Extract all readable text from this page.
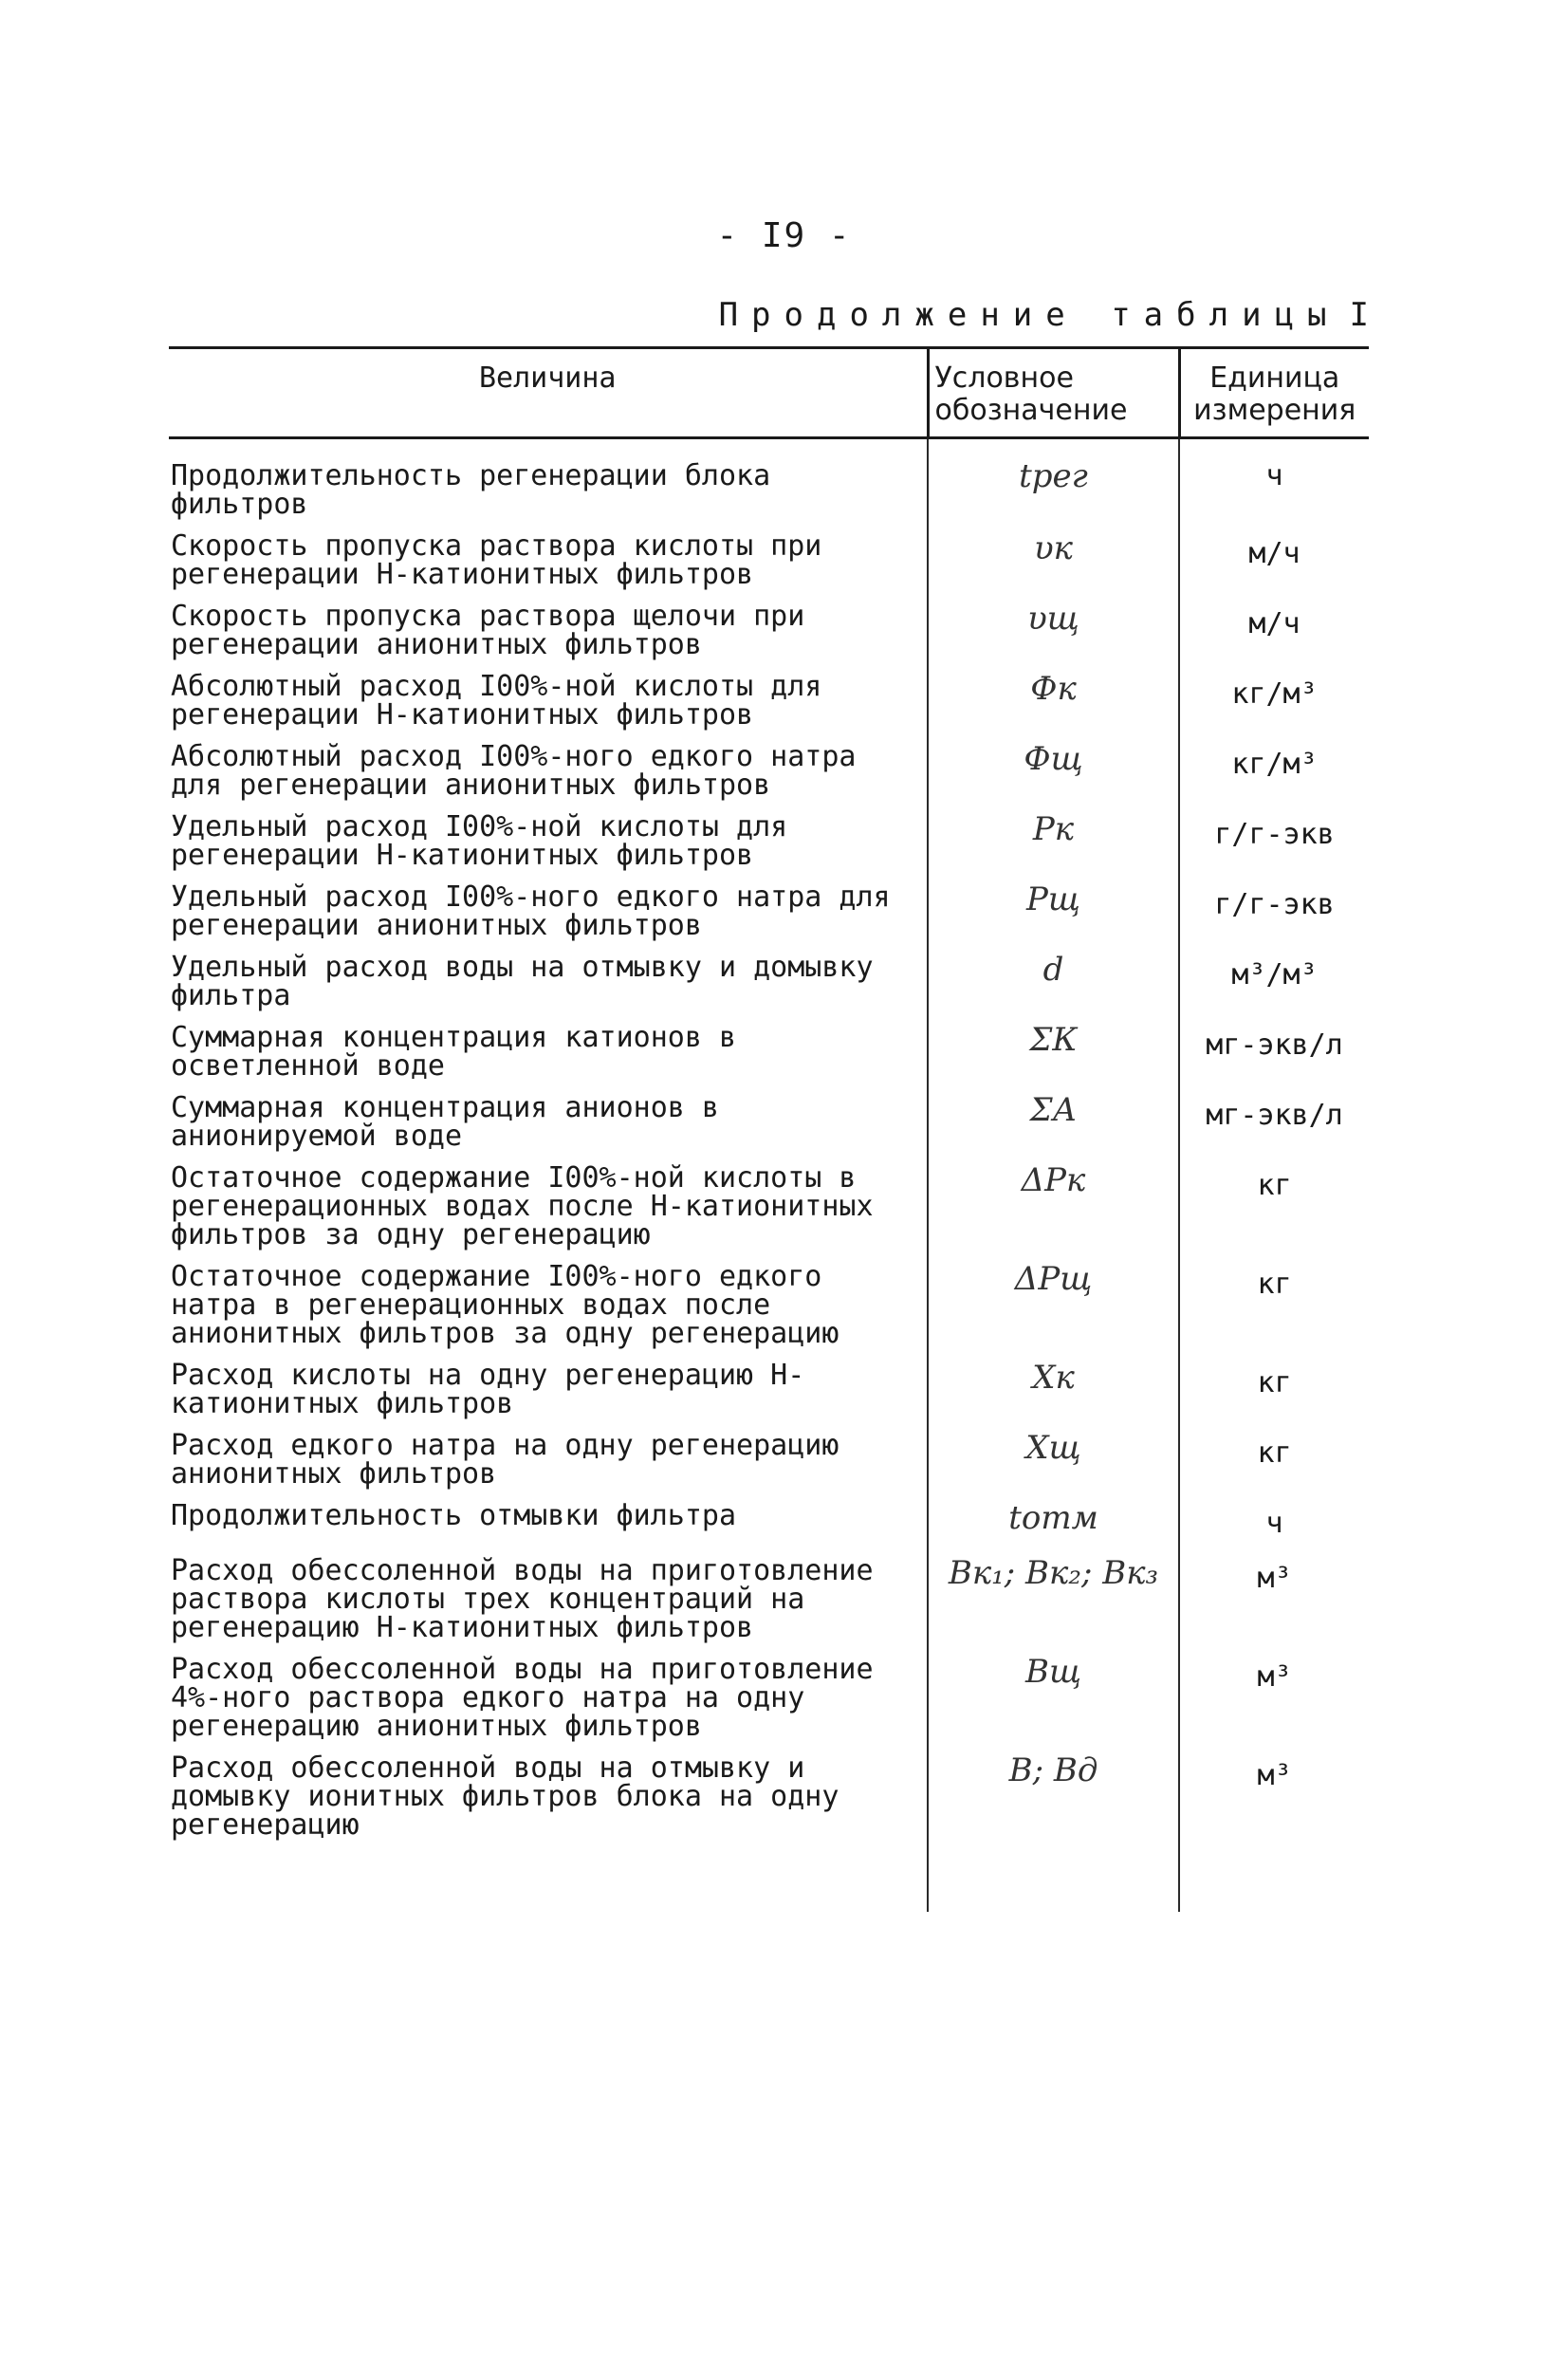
- I9 -
Продолжение таблицы I
Величина	Условное обозначение	Единица измерения
Продолжительность регенерации блока фильтров	tрег	ч
Скорость пропуска раствора кислоты при регенерации Н-катионитных фильтров	υк	м/ч
Скорость пропуска раствора щелочи при регенерации анионитных фильтров	υщ	м/ч
Абсолютный расход I00%-ной кислоты для регенерации Н-катионитных фильтров	Фк	кг/м³
Абсолютный расход I00%-ного едкого натра для регенерации анионитных фильтров	Фщ	кг/м³
Удельный расход I00%-ной кислоты для регенерации Н-катионитных фильтров	Рк	г/г-экв
Удельный расход I00%-ного едкого натра для регенерации анионитных фильтров	Рщ	г/г-экв
Удельный расход воды на отмывку и домывку фильтра	d	м³/м³
Суммарная концентрация катионов в осветленной воде	ΣК	мг-экв/л
Суммарная концентрация анионов в анионируемой воде	ΣА	мг-экв/л
Остаточное содержание I00%-ной кислоты в регенерационных водах после Н-катионитных фильтров за одну регенерацию	ΔРк	кг
Остаточное содержание I00%-ного едкого натра в регенерационных водах после анионитных фильтров за одну регенерацию	ΔРщ	кг
Расход кислоты на одну регенерацию Н-катионитных фильтров	Хк	кг
Расход едкого натра на одну регенерацию анионитных фильтров	Хщ	кг
Продолжительность отмывки фильтра	tотм	ч
Расход обессоленной воды на приготовление раствора кислоты трех концентраций на регенерацию Н-катионитных фильтров	Вк₁; Вк₂; Вк₃	м³
Расход обессоленной воды на приготовление 4%-ного раствора едкого натра на одну регенерацию анионитных фильтров	Вщ	м³
Расход обессоленной воды на отмывку и домывку ионитных фильтров блока на одну регенерацию	В; Вд	м³
